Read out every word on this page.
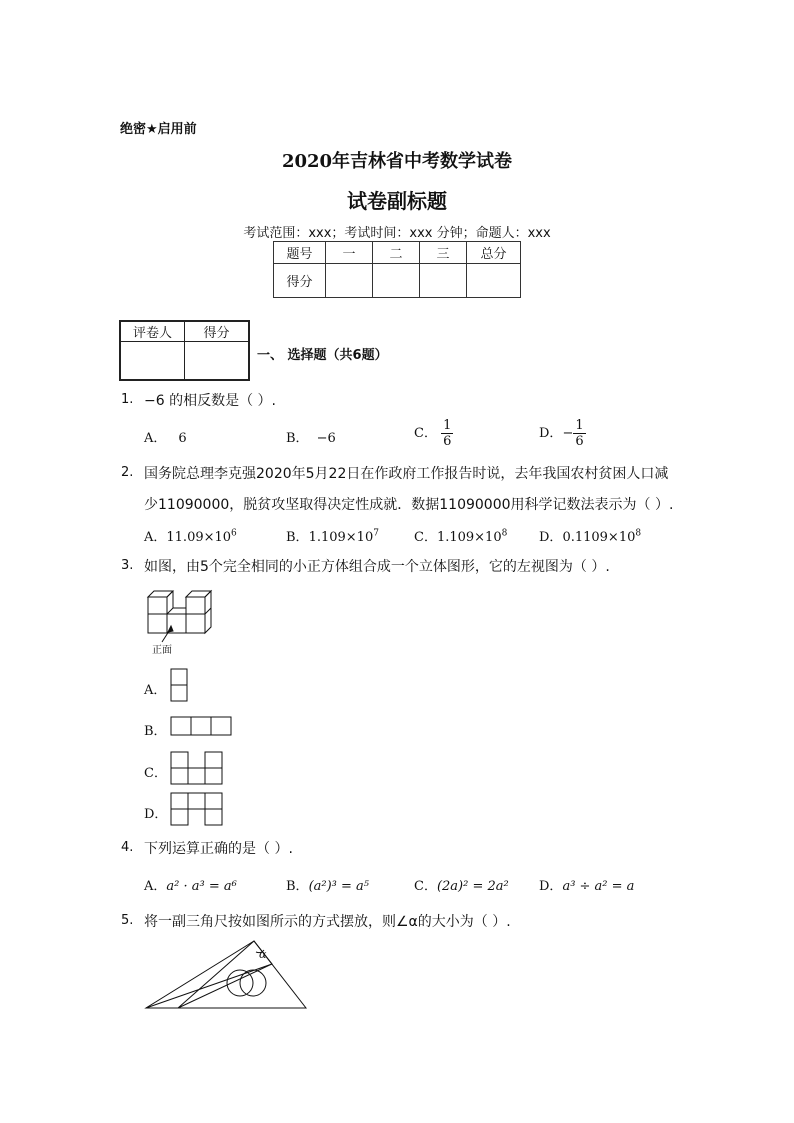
绝密★启用前
2020年吉林省中考数学试卷
试卷副标题
考试范围：xxx；考试时间：xxx 分钟；命题人：xxx
题号	一	二	三	总分
得分				
评卷人	得分

一、 选择题（共6题）
1. −6 的相反数是（ ）.
A． 6	B． −6	C． $\frac{1}{6}$	D．− $\frac{1}{6}$
2. 国务院总理李克强2020年5月22日在作政府工作报告时说，去年我国农村贫困人口减
少11090000，脱贫攻坚取得决定性成就．数据11090000用科学记数法表示为（ ）.
A．$11.09\times 10^6$	B．$1.109\times 10^7$	C．$1.109\times 10^8$ D．$0.1109\times 10^8$
3. 如图，由5个完全相同的小正方体组合成一个立体图形，它的左视图为（ ）.
正面
A．
B．
C．
D．
4. 下列运算正确的是（ ）.
A．a² · a³ = a⁶	B．(a²)³ = a⁵	C．(2a)² = 2a² D．a³ ÷ a² = a
5. 将一副三角尺按如图所示的方式摆放，则∠α的大小为（ ）.
α
